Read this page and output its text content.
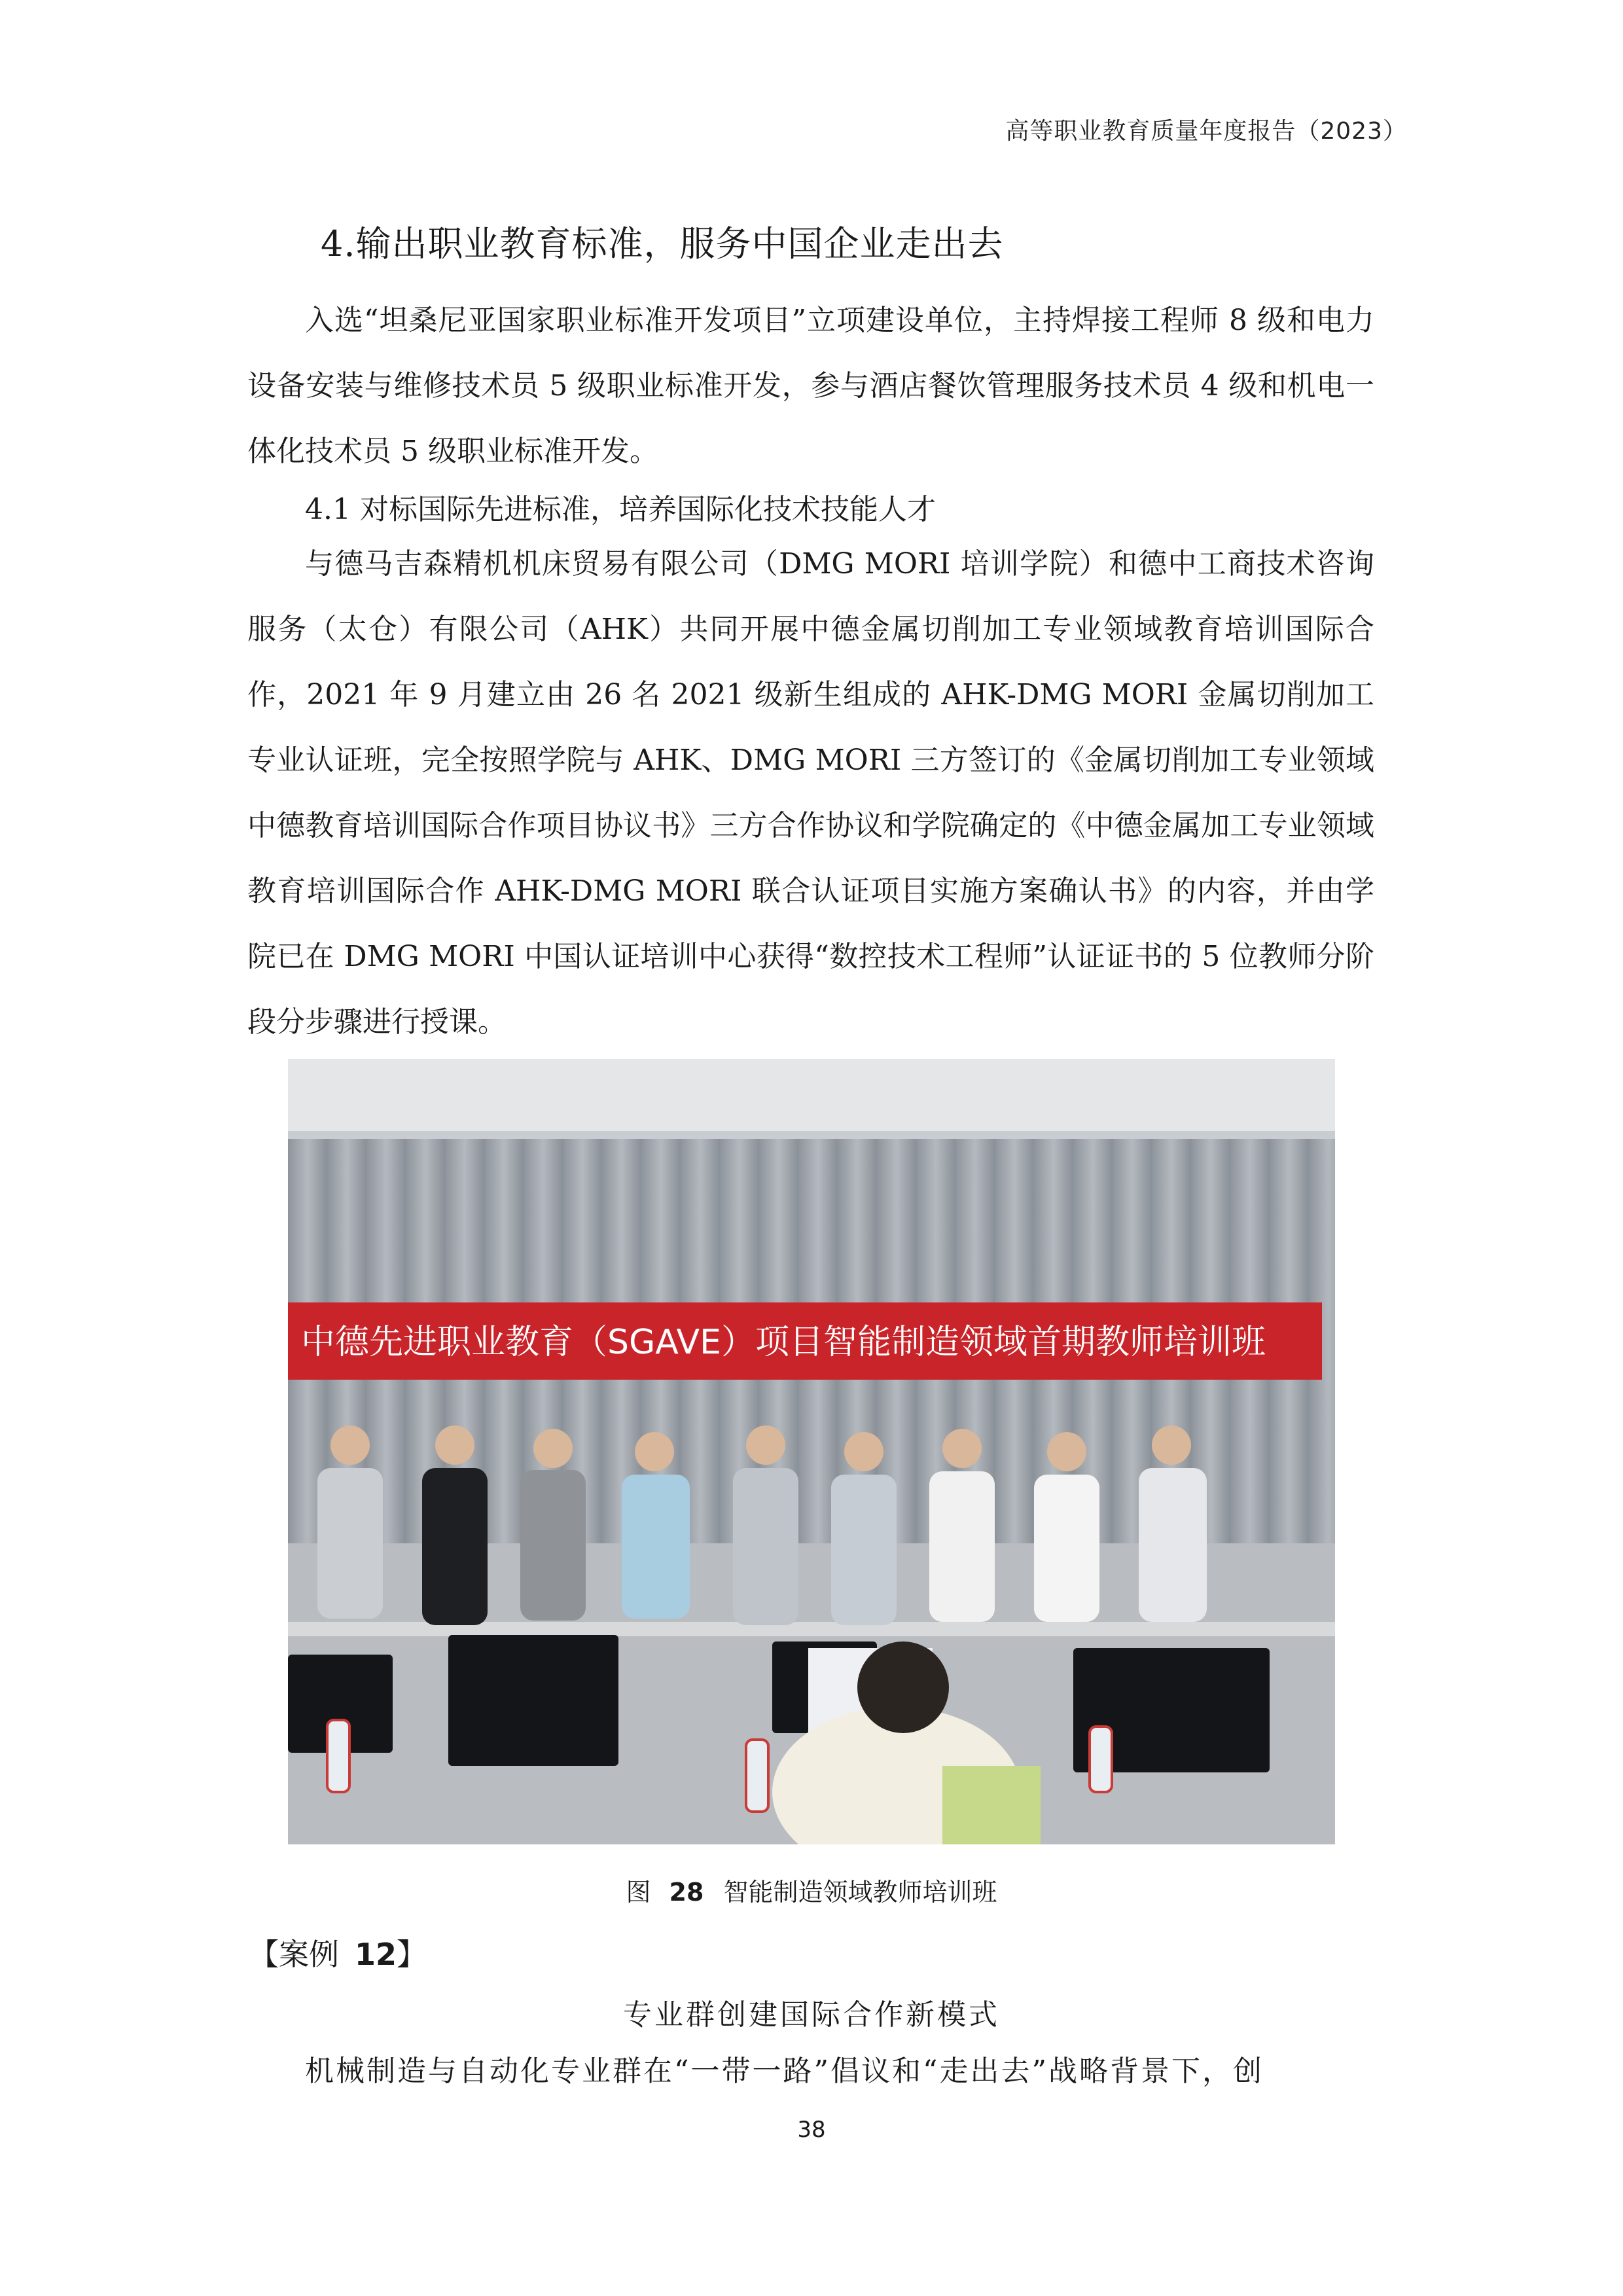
高等职业教育质量年度报告（2023）
4.输出职业教育标准，服务中国企业走出去

入选“坦桑尼亚国家职业标准开发项目”立项建设单位，主持焊接工程师 8 级和电力设备安装与维修技术员 5 级职业标准开发，参与酒店餐饮管理服务技术员 4 级和机电一体化技术员 5 级职业标准开发。

4.1 对标国际先进标准，培养国际化技术技能人才

与德马吉森精机机床贸易有限公司（DMG MORI 培训学院）和德中工商技术咨询服务（太仓）有限公司（AHK）共同开展中德金属切削加工专业领域教育培训国际合作，2021 年 9 月建立由 26 名 2021 级新生组成的 AHK-DMG MORI 金属切削加工专业认证班，完全按照学院与 AHK、DMG MORI 三方签订的《金属切削加工专业领域中德教育培训国际合作项目协议书》三方合作协议和学院确定的《中德金属加工专业领域教育培训国际合作 AHK-DMG MORI 联合认证项目实施方案确认书》的内容，并由学院已在 DMG MORI 中国认证培训中心获得“数控技术工程师”认证证书的 5 位教师分阶段分步骤进行授课。

中德先进职业教育（SGAVE）项目智能制造领域首期教师培训班
图 28 智能制造领域教师培训班
【案例 12】
专业群创建国际合作新模式

机械制造与自动化专业群在“一带一路”倡议和“走出去”战略背景下，创

38
